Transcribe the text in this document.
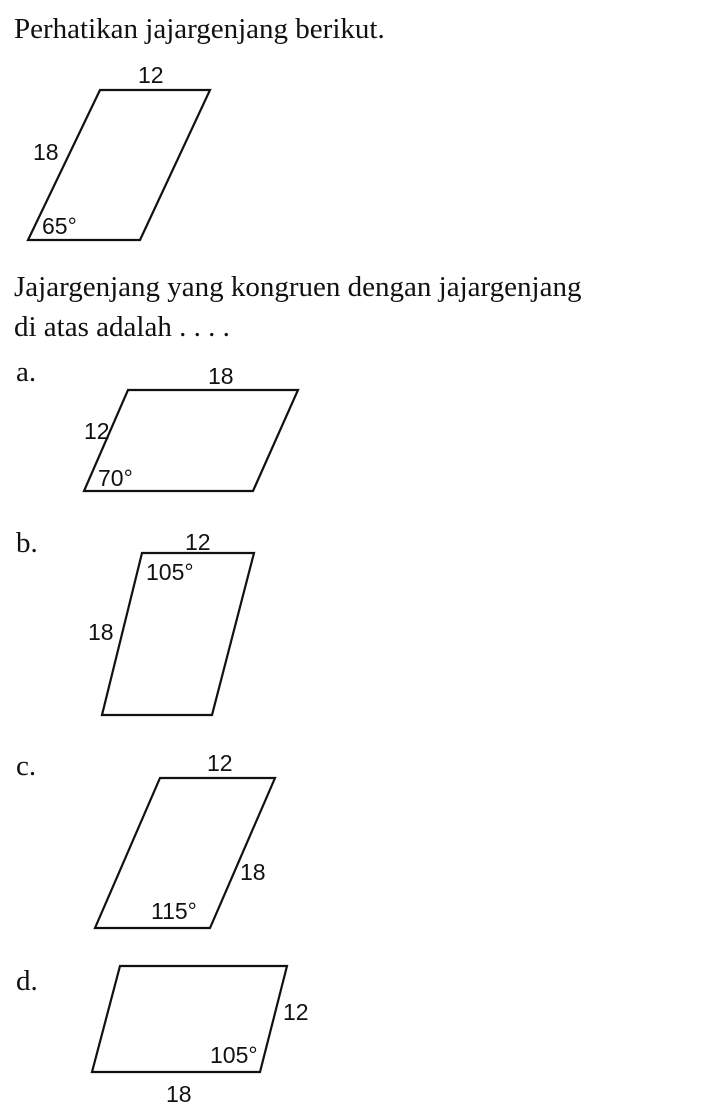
Perhatikan jajargenjang berikut.
Jajargenjang yang kongruen dengan jajargenjang
di atas adalah . . . .
a.
b.
c.
d.
12
18
65°
18
12
70°
12
105°
18
12
18
115°
12
105°
18
